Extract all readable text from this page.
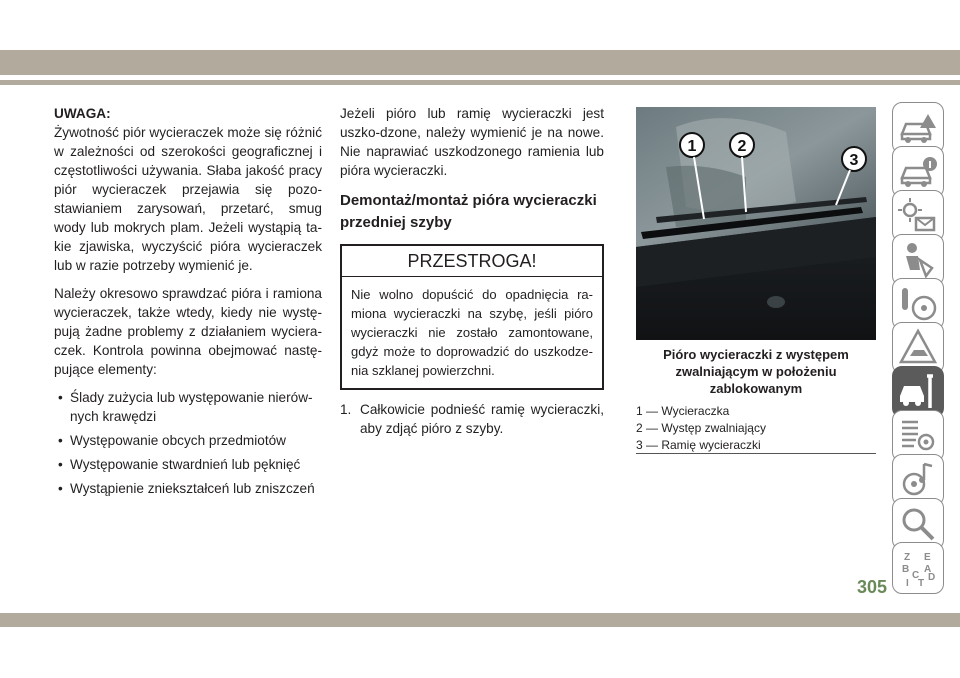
UWAGA:

Żywotność piór wycieraczek może się różnić w zależności od szerokości geograficznej i częstotliwości używania. Słaba jakość pracy piór wycieraczek przejawia się pozo-stawianiem zarysowań, przetarć, smug wody lub mokrych plam. Jeżeli wystąpią ta-kie zjawiska, wyczyścić pióra wycieraczek lub w razie potrzeby wymienić je.

Należy okresowo sprawdzać pióra i ramiona wycieraczek, także wtedy, kiedy nie wystę-pują żadne problemy z działaniem wyciera-czek. Kontrola powinna obejmować nastę-pujące elementy:

• Ślady zużycia lub występowanie nierów-nych krawędzi
• Występowanie obcych przedmiotów
• Występowanie stwardnień lub pęknięć
• Wystąpienie zniekształceń lub zniszczeń

Jeżeli pióro lub ramię wycieraczki jest uszko-dzone, należy wymienić je na nowe. Nie naprawiać uszkodzonego ramienia lub pióra wycieraczki.

Demontaż/montaż pióra wycieraczki przedniej szyby
PRZESTROGA!
Nie wolno dopuścić do opadnięcia ra-miona wycieraczki na szybę, jeśli pióro wycieraczki nie zostało zamontowane, gdyż może to doprowadzić do uszkodze-nia szklanej powierzchni.
1. Całkowicie podnieść ramię wycieraczki, aby zdjąć pióro z szyby.
1	2
3
Pióro wycieraczki z występem zwalniającym w położeniu zablokowanym
1 — Wycieraczka
2 — Występ zwalniający
3 — Ramię wycieraczki
Z E
B A
C D
I T
305
